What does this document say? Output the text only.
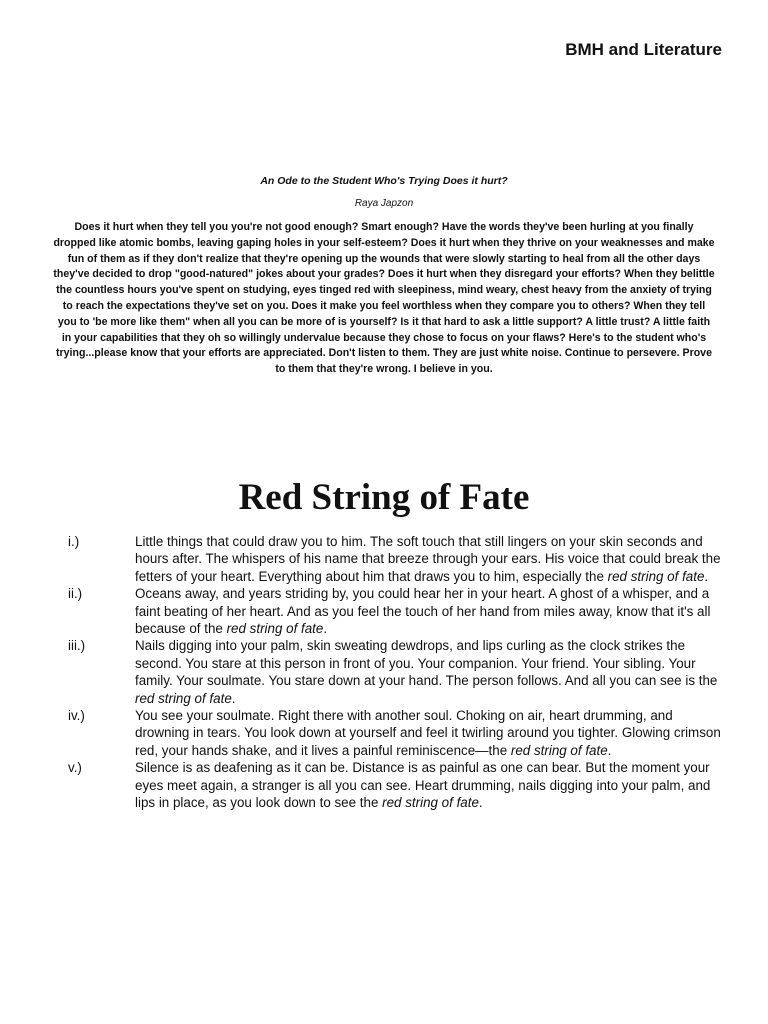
BMH and Literature
An Ode to the Student Who's Trying Does it hurt?
Raya Japzon
Does it hurt when they tell you you're not good enough? Smart enough? Have the words they've been hurling at you finally dropped like atomic bombs, leaving gaping holes in your self-esteem? Does it hurt when they thrive on your weaknesses and make fun of them as if they don't realize that they're opening up the wounds that were slowly starting to heal from all the other days they've decided to drop "good-natured" jokes about your grades? Does it hurt when they disregard your efforts? When they belittle the countless hours you've spent on studying, eyes tinged red with sleepiness, mind weary, chest heavy from the anxiety of trying to reach the expectations they've set on you. Does it make you feel worthless when they compare you to others? When they tell you to 'be more like them" when all you can be more of is yourself? Is it that hard to ask a little support? A little trust? A little faith in your capabilities that they oh so willingly undervalue because they chose to focus on your flaws? Here's to the student who's trying...please know that your efforts are appreciated. Don't listen to them. They are just white noise. Continue to persevere. Prove to them that they're wrong. I believe in you.
Red String of Fate
i.)	Little things that could draw you to him. The soft touch that still lingers on your skin seconds and hours after. The whispers of his name that breeze through your ears. His voice that could break the fetters of your heart. Everything about him that draws you to him, especially the red string of fate.
ii.)	Oceans away, and years striding by, you could hear her in your heart. A ghost of a whisper, and a faint beating of her heart. And as you feel the touch of her hand from miles away, know that it's all because of the red string of fate.
iii.)	Nails digging into your palm, skin sweating dewdrops, and lips curling as the clock strikes the second. You stare at this person in front of you. Your companion. Your friend. Your sibling. Your family. Your soulmate. You stare down at your hand. The person follows. And all you can see is the red string of fate.
iv.)	You see your soulmate. Right there with another soul. Choking on air, heart drumming, and drowning in tears. You look down at yourself and feel it twirling around you tighter. Glowing crimson red, your hands shake, and it lives a painful reminiscence—the red string of fate.
v.)	Silence is as deafening as it can be. Distance is as painful as one can bear. But the moment your eyes meet again, a stranger is all you can see. Heart drumming, nails digging into your palm, and lips in place, as you look down to see the red string of fate.
